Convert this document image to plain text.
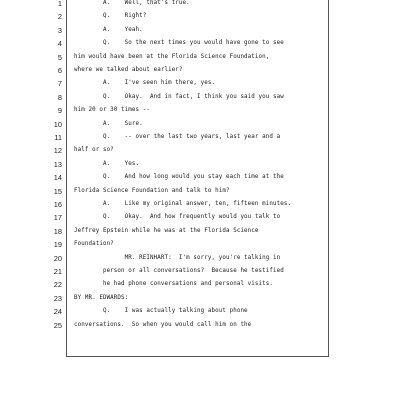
1 A.    Well, that's true.
2 Q.    Right?
3 A.    Yeah.
4 Q.    So the next times you would have gone to see
5 him would have been at the Florida Science Foundation,
6 where we talked about earlier?
7 A.    I've seen him there, yes.
8 Q.    Okay.  And in fact, I think you said you saw
9 him 20 or 30 times --
10 A.    Sure.
11 Q.    -- over the last two years, last year and a
12 half or so?
13 A.    Yes.
14 Q.    And how long would you stay each time at the
15 Florida Science Foundation and talk to him?
16 A.    Like my original answer, ten, fifteen minutes.
17 Q.    Okay.  And how frequently would you talk to
18 Jeffrey Epstein while he was at the Florida Science
19 Foundation?
20 MR. REINHART:  I'm sorry, you're talking in
21 person or all conversations?  Because he testified
22 he had phone conversations and personal visits.
23 BY MR. EDWARDS:
24 Q.    I was actually talking about phone
25 conversations.  So when you would call him on the
